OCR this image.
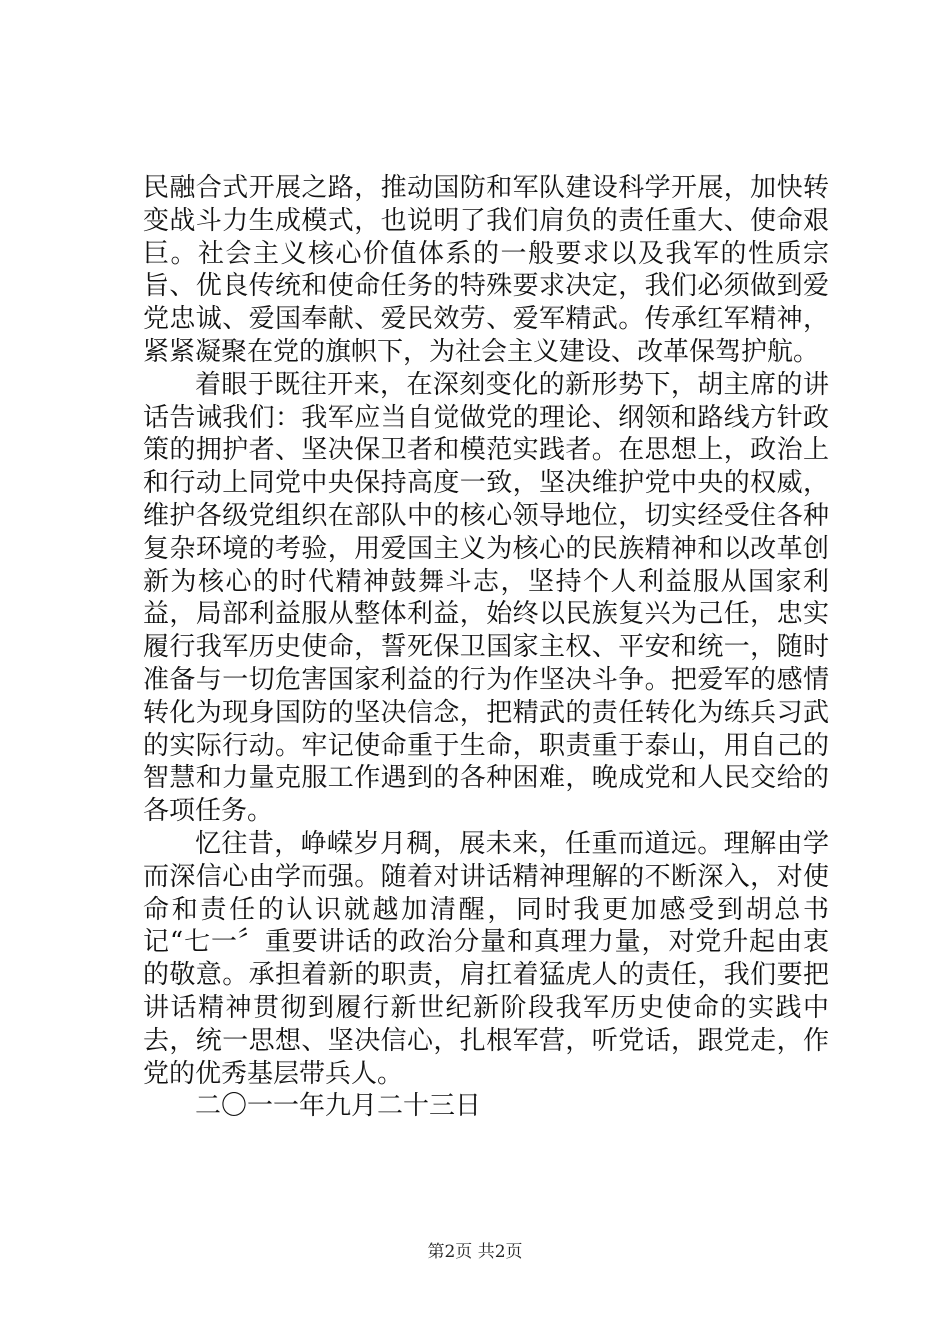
民融合式开展之路，推动国防和军队建设科学开展，加快转变战斗力生成模式，也说明了我们肩负的责任重大、使命艰巨。社会主义核心价值体系的一般要求以及我军的性质宗旨、优良传统和使命任务的特殊要求决定，我们必须做到爱党忠诚、爱国奉献、爱民效劳、爱军精武。传承红军精神，紧紧凝聚在党的旗帜下，为社会主义建设、改革保驾护航。

着眼于既往开来，在深刻变化的新形势下，胡主席的讲话告诫我们：我军应当自觉做党的理论、纲领和路线方针政策的拥护者、坚决保卫者和模范实践者。在思想上，政治上和行动上同党中央保持高度一致，坚决维护党中央的权威，维护各级党组织在部队中的核心领导地位，切实经受住各种复杂环境的考验，用爱国主义为核心的民族精神和以改革创新为核心的时代精神鼓舞斗志，坚持个人利益服从国家利益，局部利益服从整体利益，始终以民族复兴为己任，忠实履行我军历史使命，誓死保卫国家主权、平安和统一，随时准备与一切危害国家利益的行为作坚决斗争。把爱军的感情转化为现身国防的坚决信念，把精武的责任转化为练兵习武的实际行动。牢记使命重于生命，职责重于泰山，用自己的智慧和力量克服工作遇到的各种困难，晚成党和人民交给的各项任务。

忆往昔，峥嵘岁月稠，展未来，任重而道远。理解由学而深信心由学而强。随着对讲话精神理解的不断深入，对使命和责任的认识就越加清醒，同时我更加感受到胡总书记“七一〞重要讲话的政治分量和真理力量，对党升起由衷的敬意。承担着新的职责，肩扛着猛虎人的责任，我们要把讲话精神贯彻到履行新世纪新阶段我军历史使命的实践中去，统一思想、坚决信心，扎根军营，听党话，跟党走，作党的优秀基层带兵人。

二〇一一年九月二十三日

第2页 共2页
